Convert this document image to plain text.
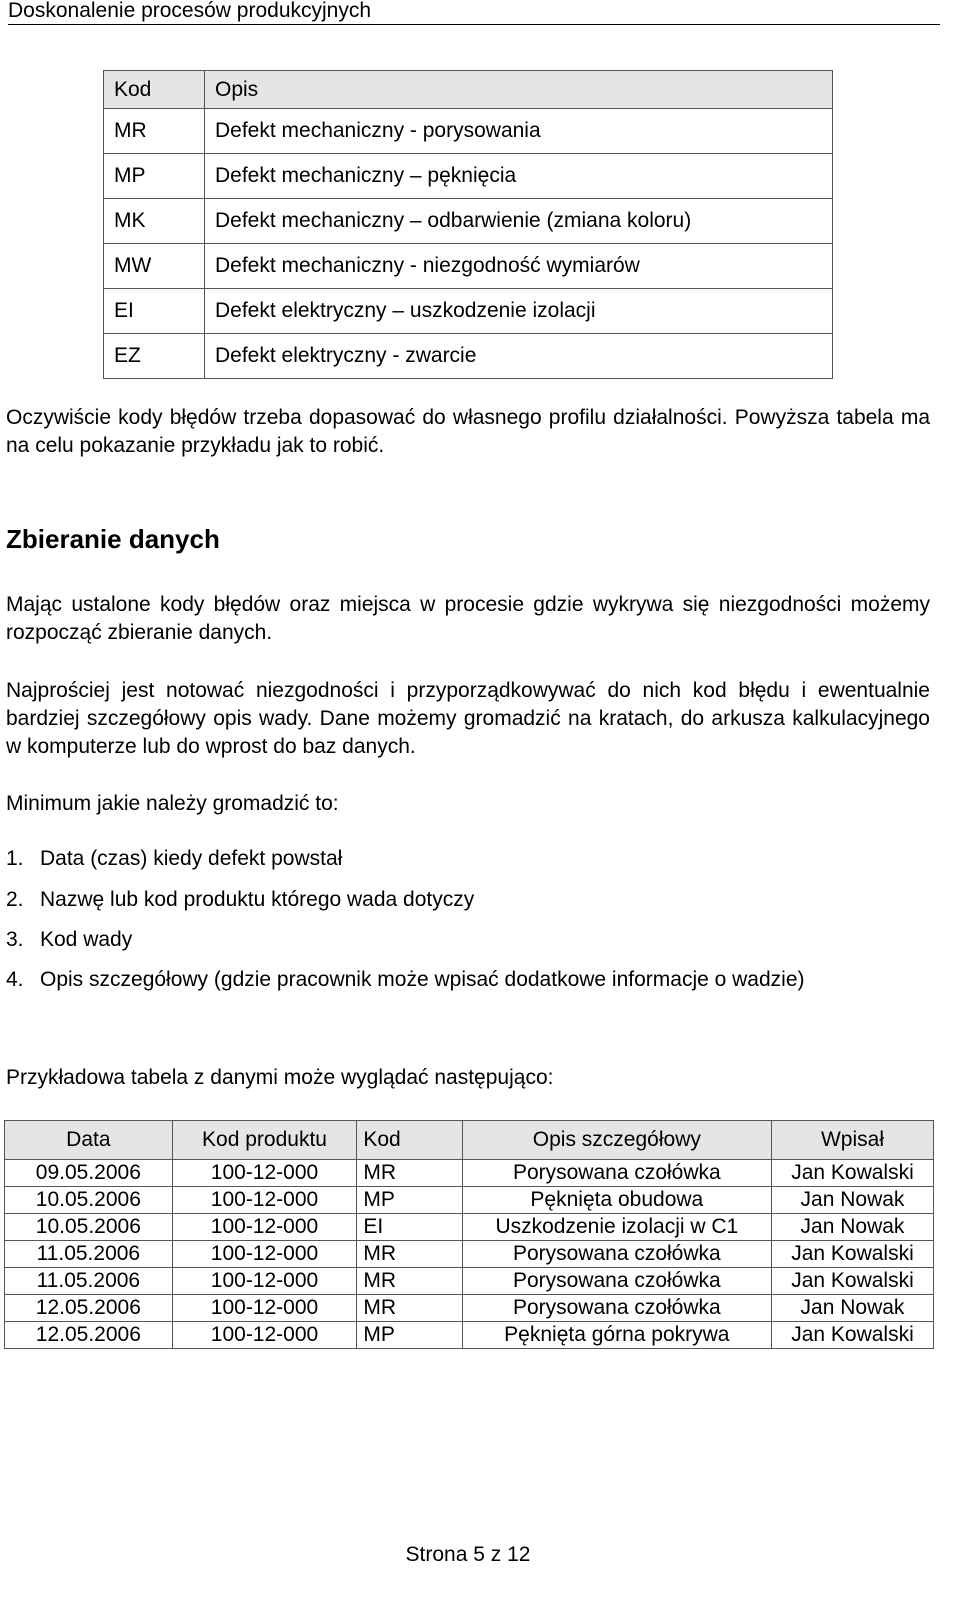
Doskonalenie procesów produkcyjnych
Kod	Opis
MR	Defekt mechaniczny - porysowania
MP	Defekt mechaniczny – pęknięcia
MK	Defekt mechaniczny – odbarwienie (zmiana koloru)
MW	Defekt mechaniczny - niezgodność wymiarów
EI	Defekt elektryczny – uszkodzenie izolacji
EZ	Defekt elektryczny - zwarcie

Oczywiście kody błędów trzeba dopasować do własnego profilu działalności. Powyższa tabela ma na celu pokazanie przykładu jak to robić.

Zbieranie danych

Mając ustalone kody błędów oraz miejsca w procesie gdzie wykrywa się niezgodności możemy rozpocząć zbieranie danych.

Najprościej jest notować niezgodności i przyporządkowywać do nich kod błędu i ewentualnie bardziej szczegółowy opis wady. Dane możemy gromadzić na kratach, do arkusza kalkulacyjnego w komputerze lub do wprost do baz danych.

Minimum jakie należy gromadzić to:

1. Data (czas) kiedy defekt powstał
2. Nazwę lub kod produktu którego wada dotyczy
3. Kod wady
4. Opis szczegółowy (gdzie pracownik może wpisać dodatkowe informacje o wadzie)

Przykładowa tabela z danymi może wyglądać następująco:

Data	Kod produktu	Kod	Opis szczegółowy	Wpisał
09.05.2006	100-12-000	MR	Porysowana czołówka	Jan Kowalski
10.05.2006	100-12-000	MP	Pęknięta obudowa	Jan Nowak
10.05.2006	100-12-000	EI	Uszkodzenie izolacji w C1	Jan Nowak
11.05.2006	100-12-000	MR	Porysowana czołówka	Jan Kowalski
11.05.2006	100-12-000	MR	Porysowana czołówka	Jan Kowalski
12.05.2006	100-12-000	MR	Porysowana czołówka	Jan Nowak
12.05.2006	100-12-000	MP	Pęknięta górna pokrywa	Jan Kowalski
Strona 5 z 12
